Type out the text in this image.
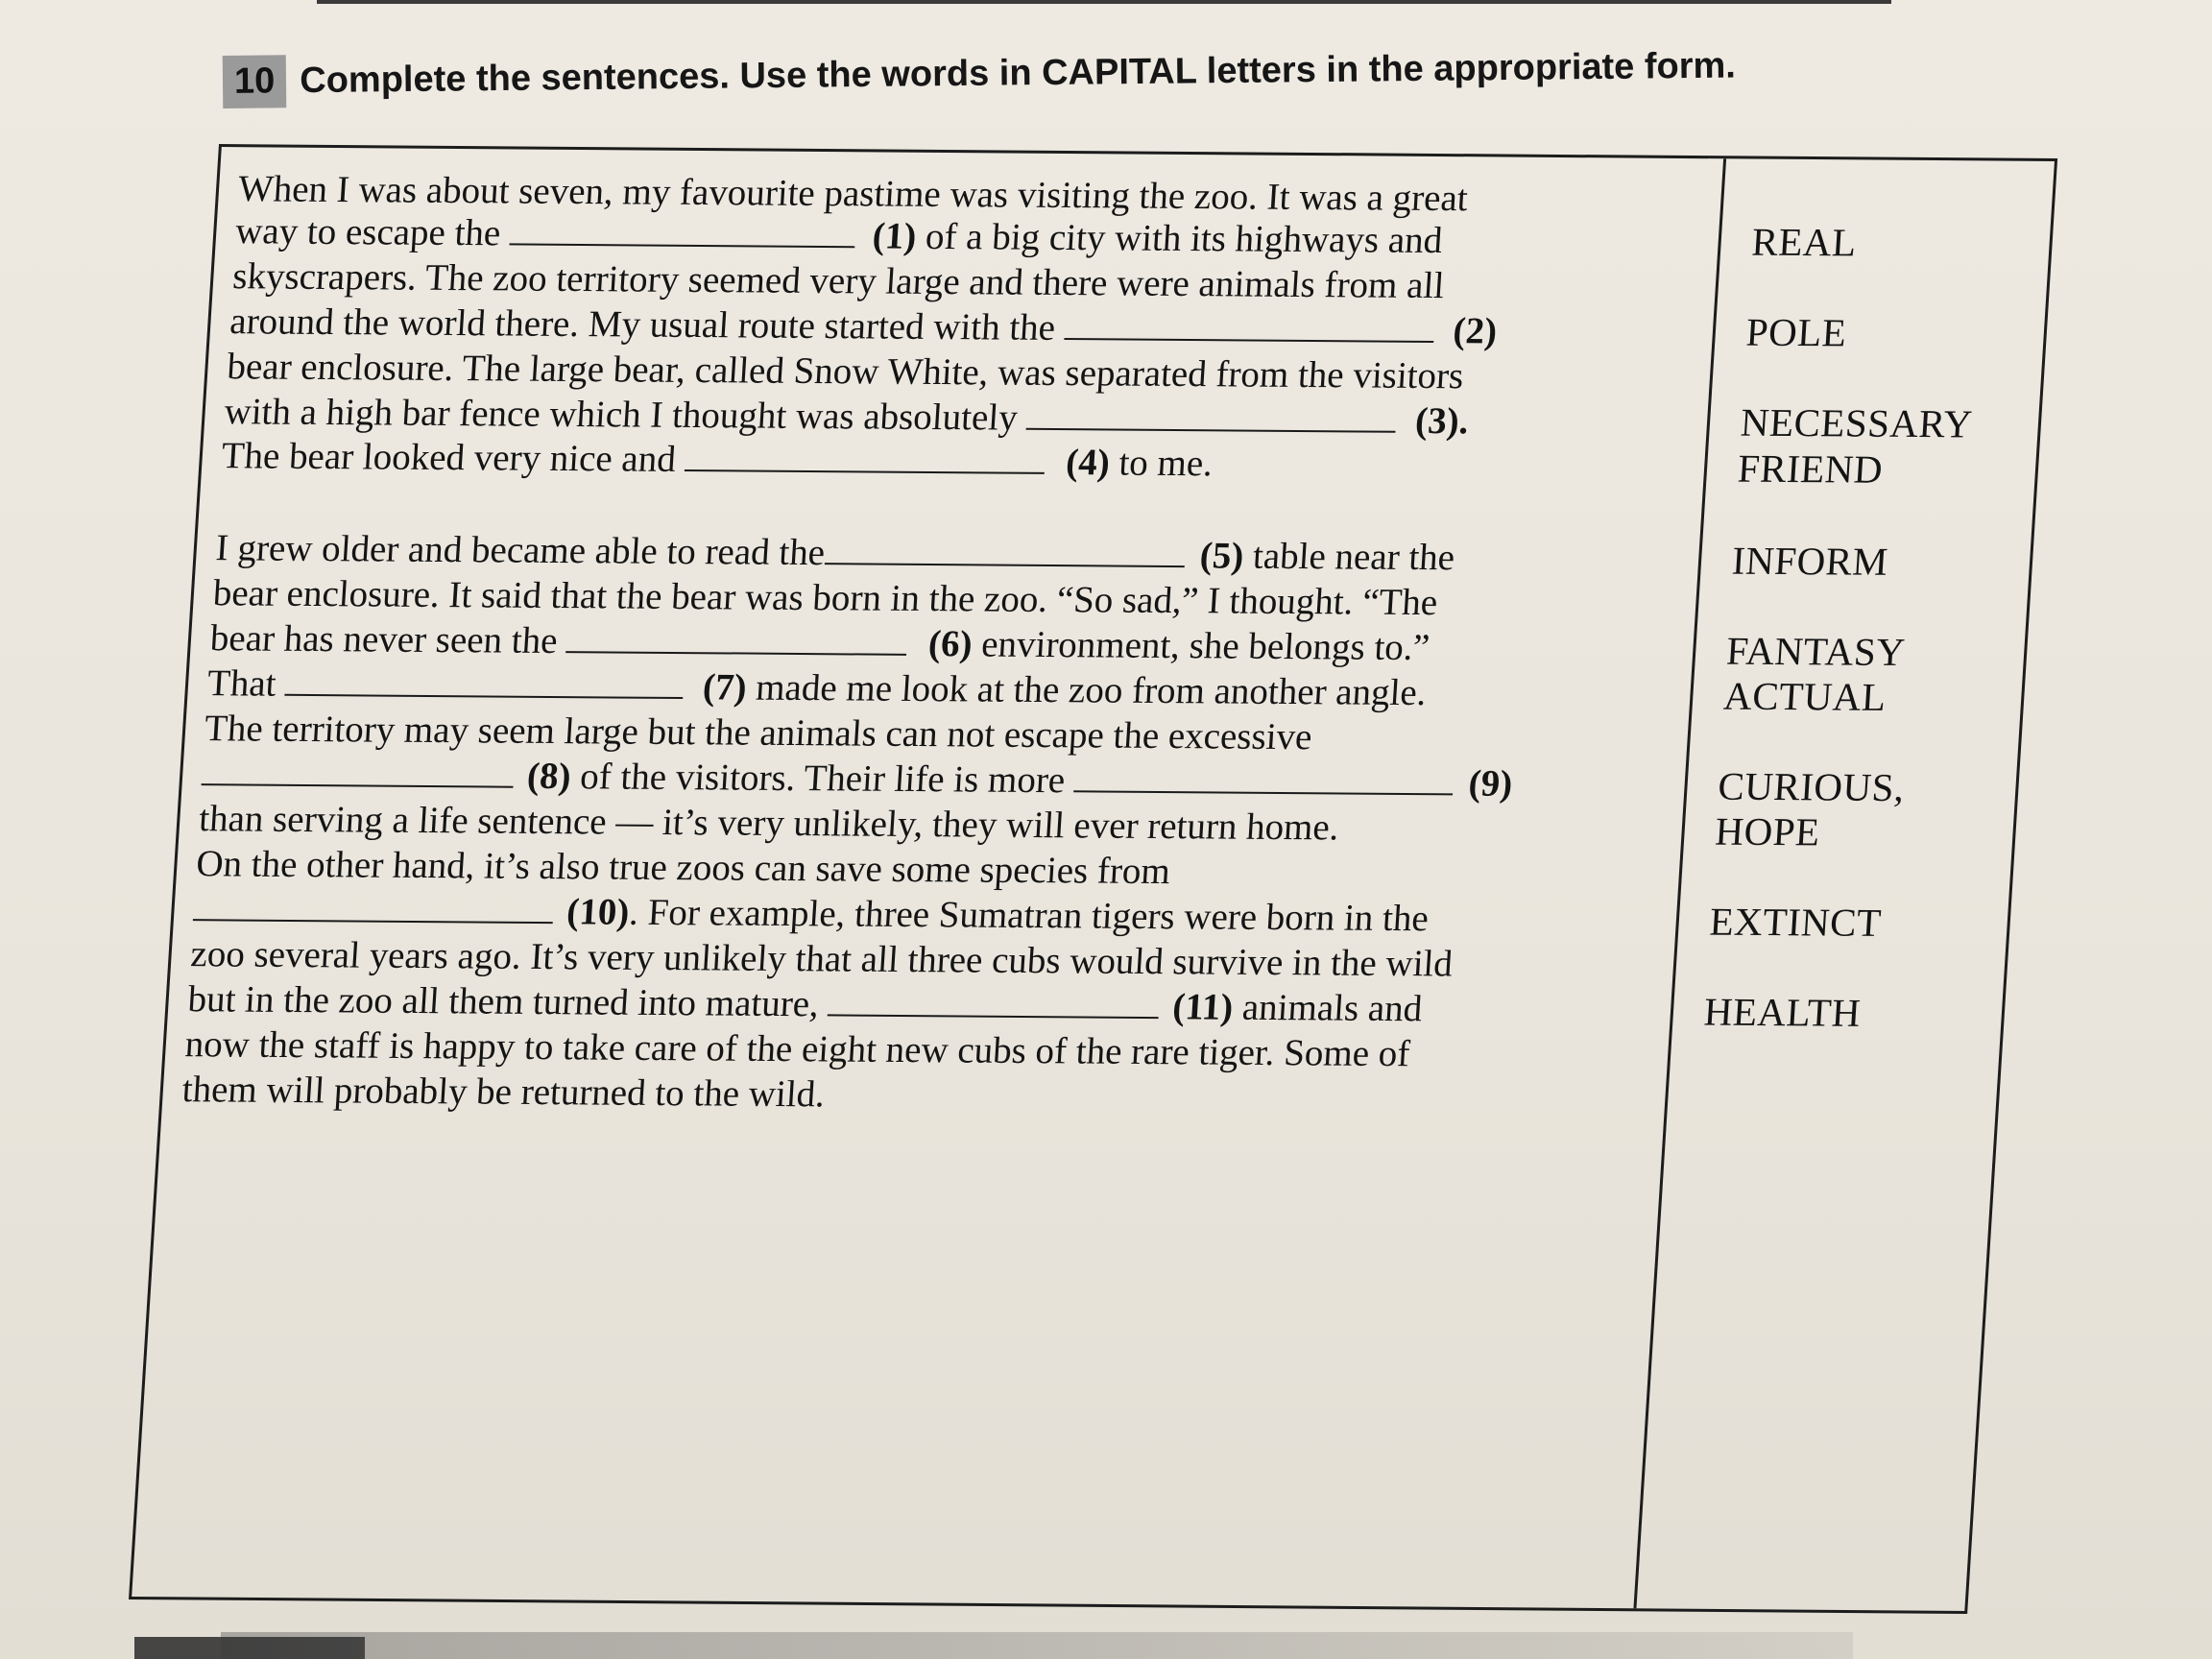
10 Complete the sentences. Use the words in CAPITAL letters in the appropriate form.
When I was about seven, my favourite pastime was visiting the zoo. It was a great
way to escape the	(1) of a big city with its highways and
skyscrapers. The zoo territory seemed very large and there were animals from all
around the world there. My usual route started with the	(2)
bear enclosure. The large bear, called Snow White, was separated from the visitors
with a high bar fence which I thought was absolutely	(3).
The bear looked very nice and	(4) to me.
I grew older and became able to read the	(5) table near the
bear enclosure. It said that the bear was born in the zoo. “So sad,” I thought. “The
bear has never seen the	(6) environment, she belongs to.”
That	(7) made me look at the zoo from another angle.
The territory may seem large but the animals can not escape the excessive
(8) of the visitors. Their life is more	(9)
than serving a life sentence — it’s very unlikely, they will ever return home.
On the other hand, it’s also true zoos can save some species from
(10). For example, three Sumatran tigers were born in the
zoo several years ago. It’s very unlikely that all three cubs would survive in the wild
but in the zoo all them turned into mature,	(11) animals and
now the staff is happy to take care of the eight new cubs of the rare tiger. Some of
them will probably be returned to the wild.
REAL
POLE
NECESSARY
FRIEND
INFORM
FANTASY
ACTUAL
CURIOUS,
HOPE
EXTINCT
HEALTH
